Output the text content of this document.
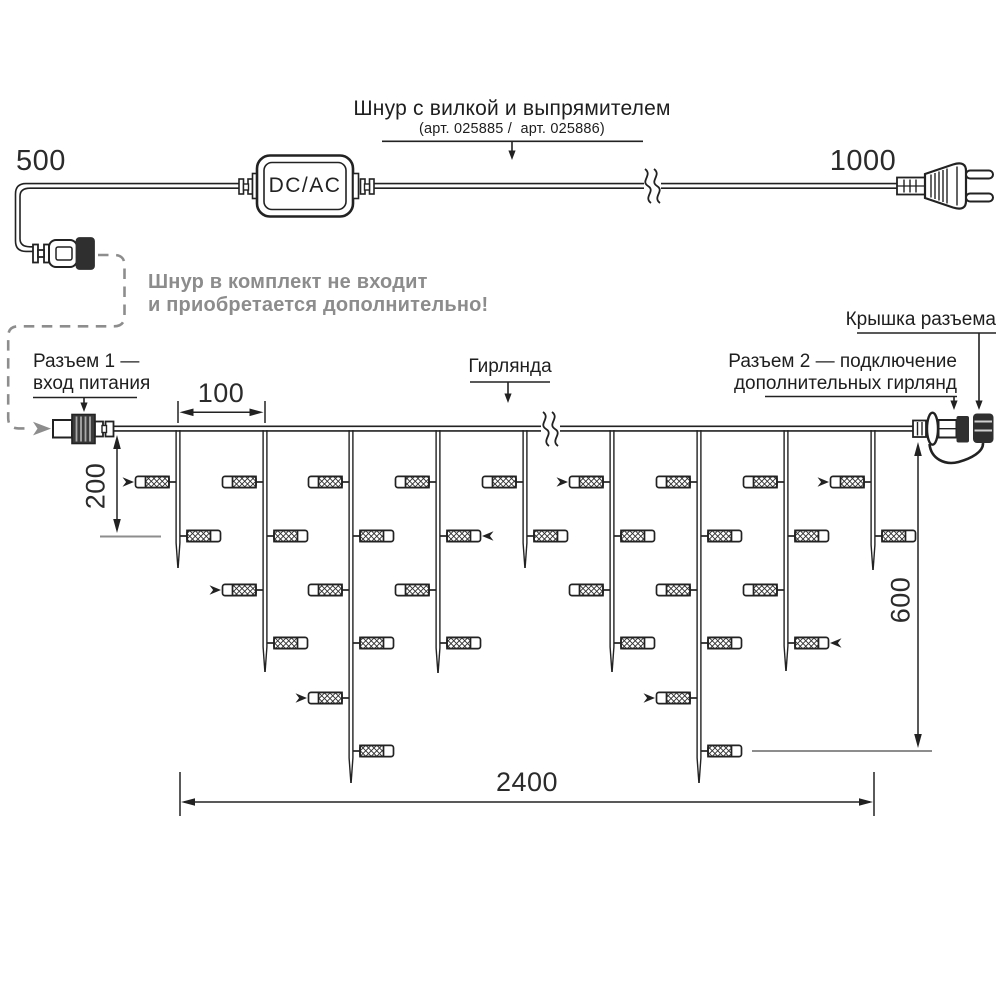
500	1000
Шнур с вилкой и выпрямителем
(арт. 025885 /  арт. 025886)
Шнур в комплект не входит
и приобретается дополнительно!
DC/AC
Разъем 1 —
вход питания
Гирлянда	Разъем 2 — подключение
дополнительных гирлянд
Крышка разъема
100
200
600
2400
